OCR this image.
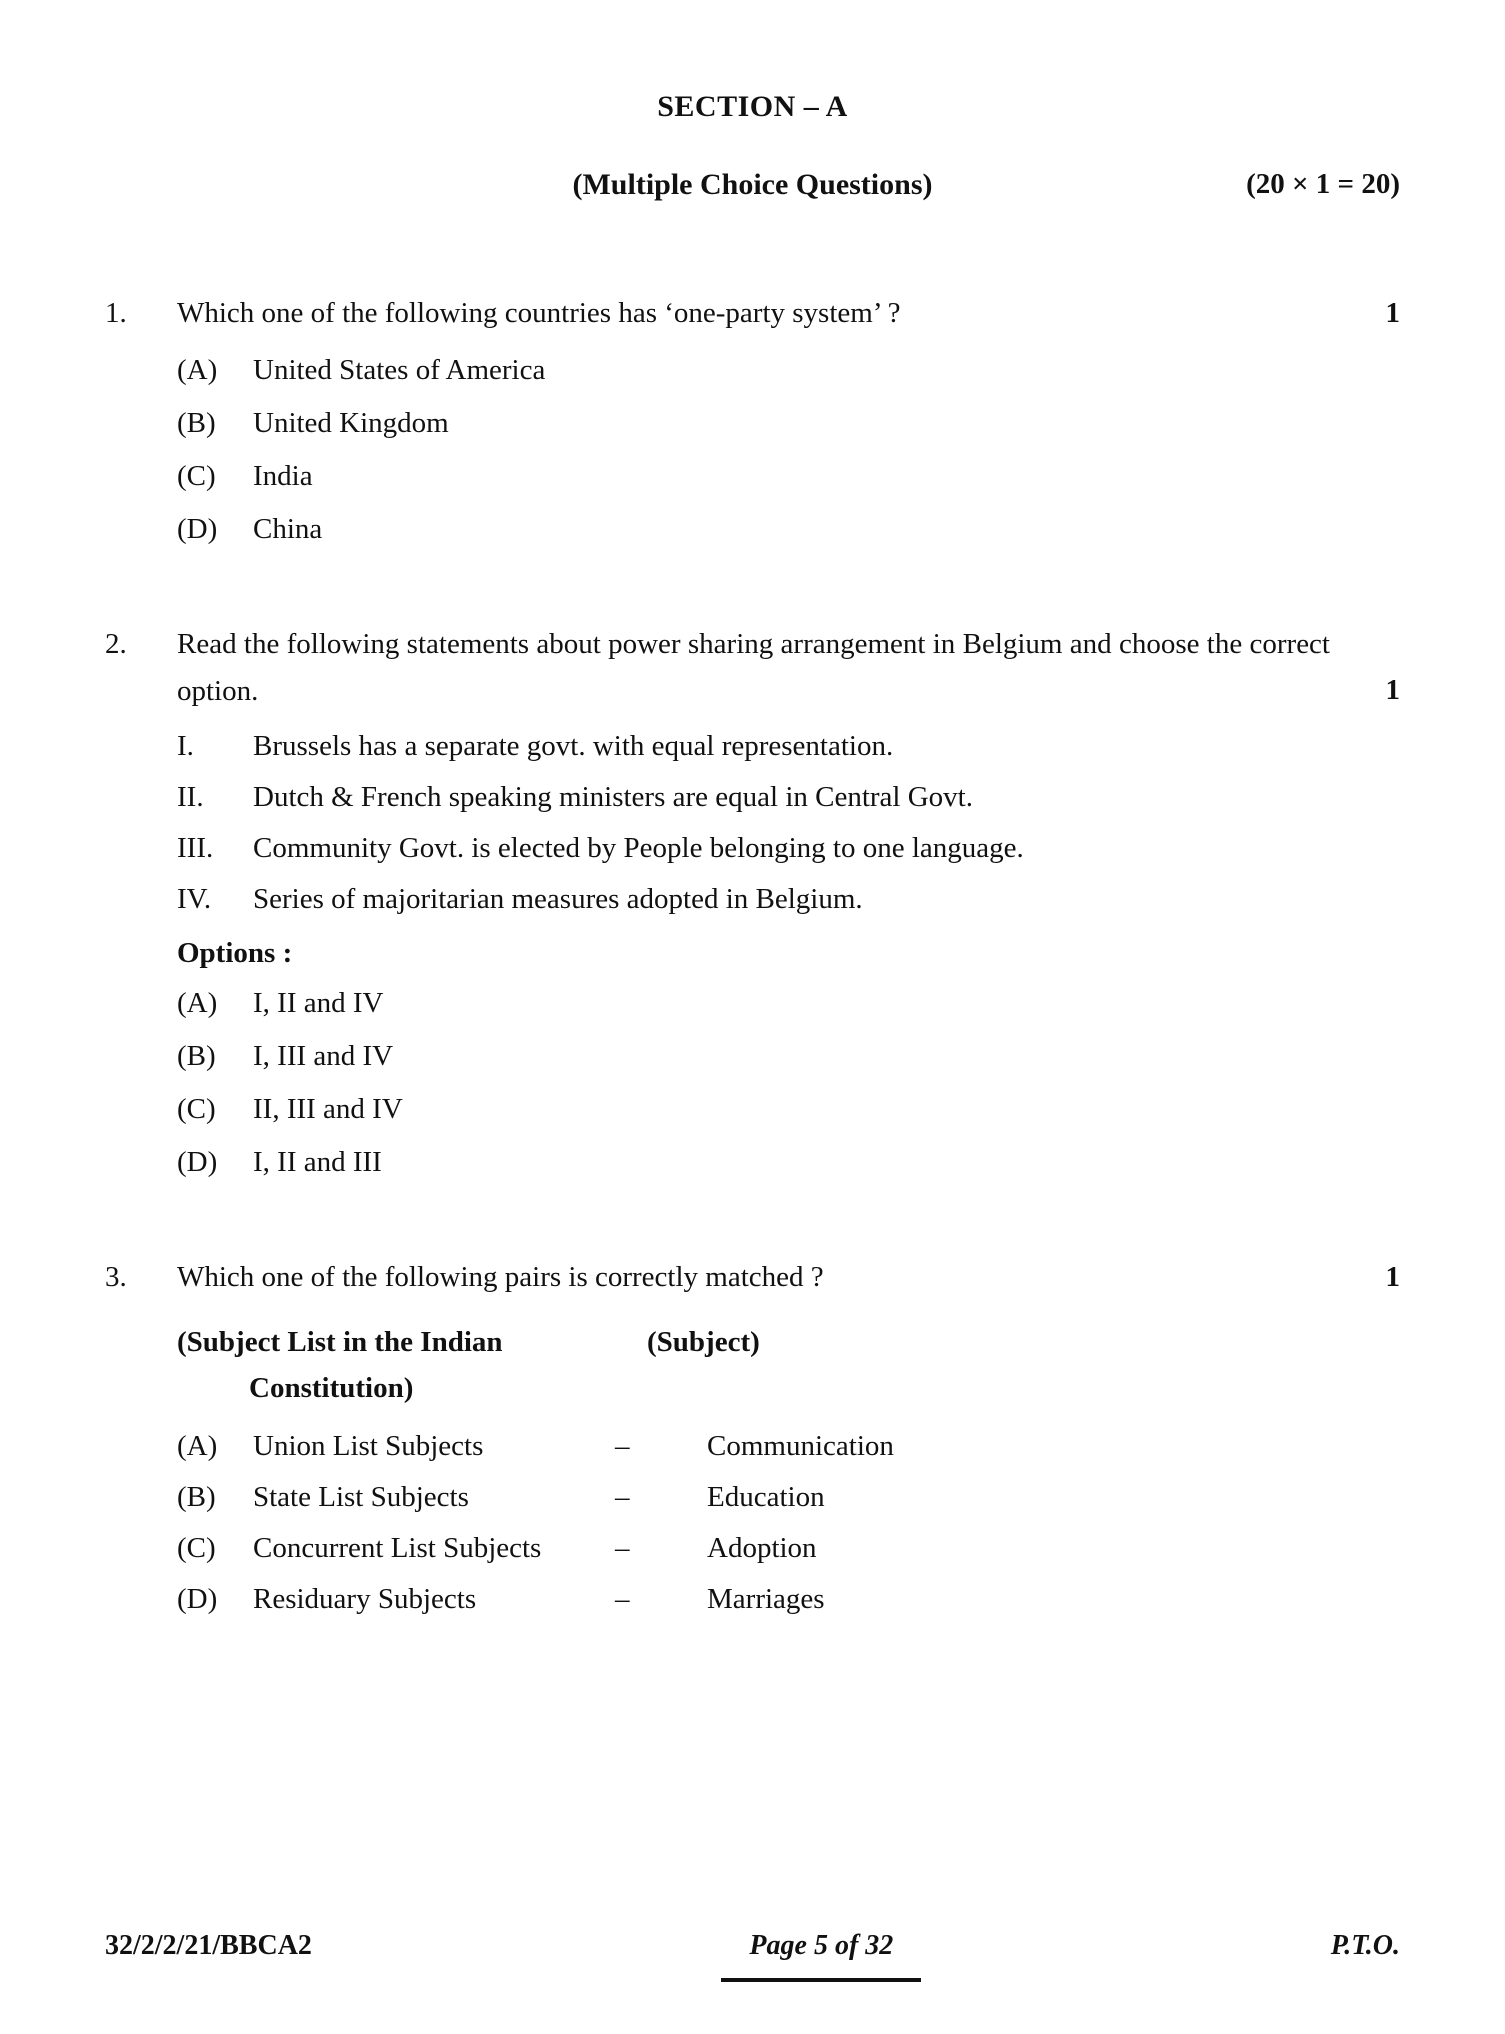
SECTION – A
(Multiple Choice Questions)	(20 × 1 = 20)
1.	Which one of the following countries has ‘one-party system’ ?	1
(A)	United States of America
(B)	United Kingdom
(C)	India
(D)	China
2.	Read the following statements about power sharing arrangement in Belgium and choose the correct option.	1
I.	Brussels has a separate govt. with equal representation.
II.	Dutch & French speaking ministers are equal in Central Govt.
III.	Community Govt. is elected by People belonging to one language.
IV.	Series of majoritarian measures adopted in Belgium.
Options :
(A)	I, II and IV
(B)	I, III and IV
(C)	II, III and IV
(D)	I, II and III
3.	Which one of the following pairs is correctly matched ?	1
(Subject List in the Indian	(Subject)
Constitution)
(A)	Union List Subjects	–	Communication
(B)	State List Subjects	–	Education
(C)	Concurrent List Subjects	–	Adoption
(D)	Residuary Subjects	–	Marriages
32/2/2/21/BBCA2	Page 5 of 32	P.T.O.
